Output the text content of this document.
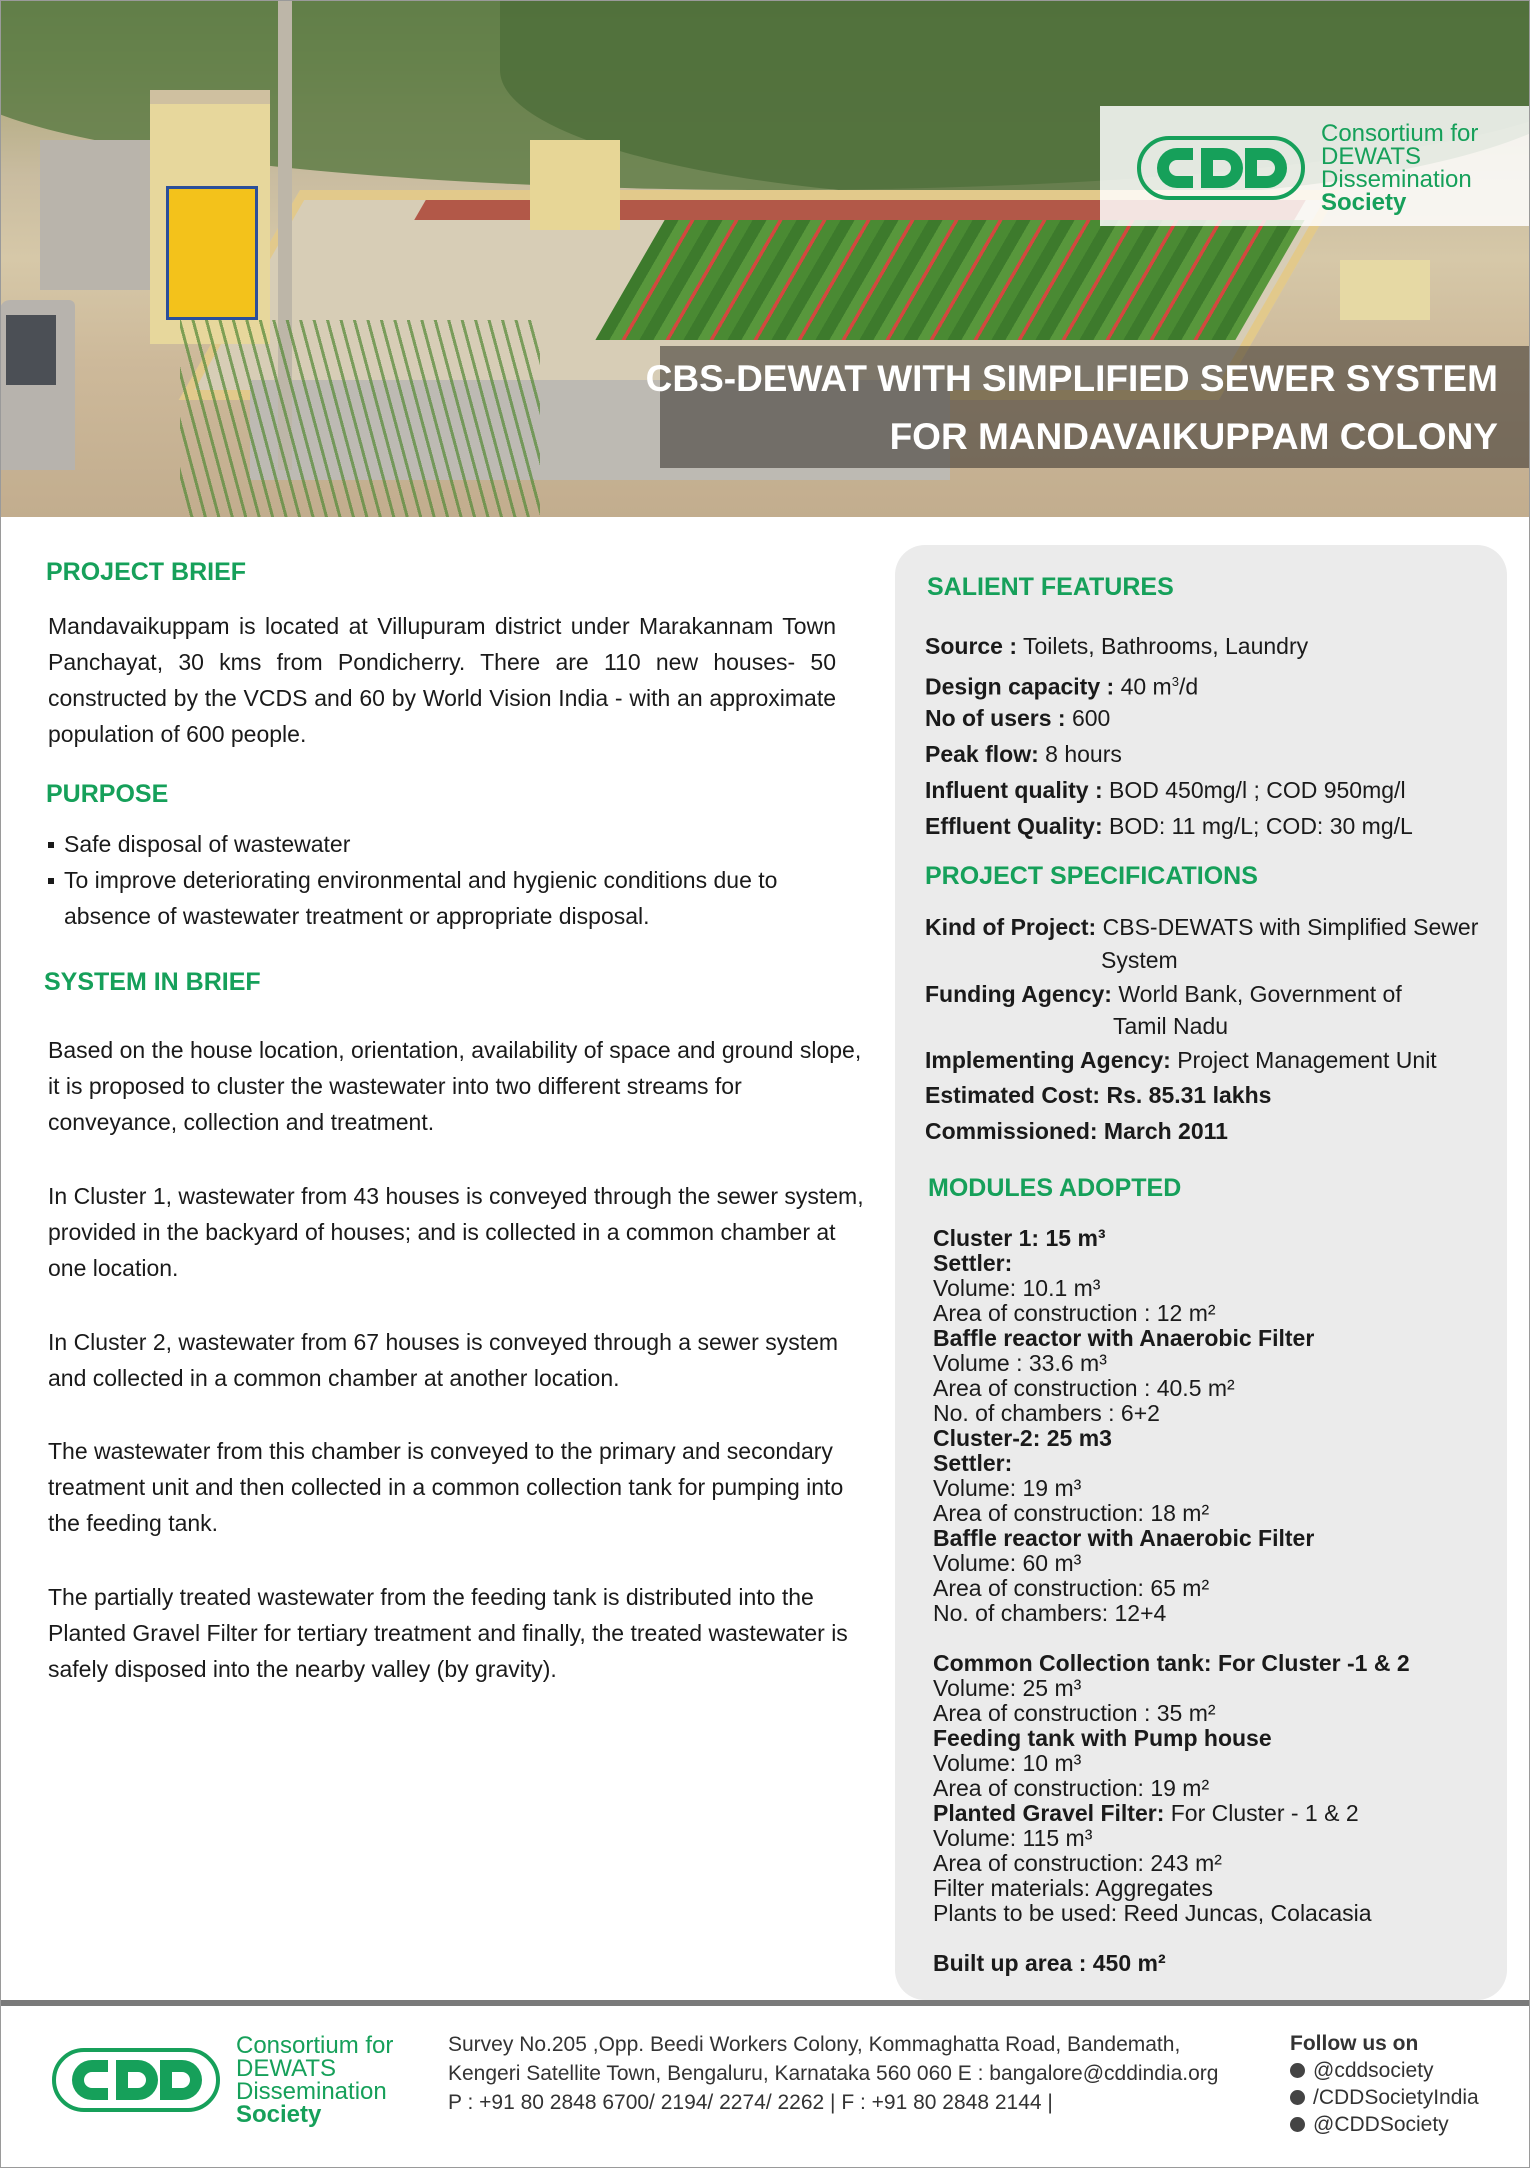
Consortium for
DEWATS
Dissemination
Society
CBS-DEWAT WITH SIMPLIFIED SEWER SYSTEM
FOR MANDAVAIKUPPAM COLONY
PROJECT BRIEF

Mandavaikuppam is located at Villupuram district under Marakannam Town Panchayat, 30 kms from Pondicherry. There are 110 new houses- 50 constructed by the VCDS and 60 by World Vision India - with an approximate population of 600 people.

PURPOSE
Safe disposal of wastewater
To improve deteriorating environmental and hygienic conditions due to absence of wastewater treatment or appropriate disposal.
SYSTEM IN BRIEF

Based on the house location, orientation, availability of space and ground slope, it is proposed to cluster the wastewater into two different streams for conveyance, collection and treatment.

In Cluster 1, wastewater from 43 houses is conveyed through the sewer system, provided in the backyard of houses; and is collected in a common chamber at one location.

In Cluster 2, wastewater from 67 houses is conveyed through a sewer system and collected in a common chamber at another location.

The wastewater from this chamber is conveyed to the primary and secondary treatment unit and then collected in a common collection tank for pumping into the feeding tank.

The partially treated wastewater from the feeding tank is distributed into the Planted Gravel Filter for tertiary treatment and finally, the treated wastewater is safely disposed into the nearby valley (by gravity).

SALIENT FEATURES
Source : Toilets, Bathrooms, Laundry
Design capacity : 40 $m^3/d$
No of users : 600
Peak flow: 8 hours
Influent quality : BOD 450mg/l ; COD 950mg/l
Effluent Quality: BOD: 11 mg/L; COD: 30 mg/L
PROJECT SPECIFICATIONS
Kind of Project: CBS-DEWATS with Simplified Sewer
System
Funding Agency: World Bank, Government of
Tamil Nadu
Implementing Agency: Project Management Unit
Estimated Cost: Rs. 85.31 lakhs
Commissioned: March 2011
MODULES ADOPTED
Cluster 1: 15 m³
Settler:
Volume: 10.1 m³
Area of construction : 12 m²
Baffle reactor with Anaerobic Filter
Volume : 33.6 m³
Area of construction : 40.5 m²
No. of chambers : 6+2
Cluster-2: 25 m3
Settler:
Volume: 19 m³
Area of construction: 18 m²
Baffle reactor with Anaerobic Filter
Volume: 60 m³
Area of construction: 65 m²
No. of chambers: 12+4
Common Collection tank: For Cluster -1 & 2
Volume: 25 m³
Area of construction : 35 m²
Feeding tank with Pump house
Volume: 10 m³
Area of construction: 19 m²
Planted Gravel Filter: For Cluster - 1 & 2
Volume: 115 m³
Area of construction: 243 m²
Filter materials: Aggregates
Plants to be used: Reed Juncas, Colacasia
Built up area : 450 m²
Consortium for
DEWATS
Dissemination
Society
Survey No.205 ,Opp. Beedi Workers Colony, Kommaghatta Road, Bandemath,
Kengeri Satellite Town, Bengaluru, Karnataka 560 060 E : bangalore@cddindia.org
P : +91 80 2848 6700/ 2194/ 2274/ 2262 | F : +91 80 2848 2144 |
Follow us on
@cddsociety
/CDDSocietyIndia
@CDDSociety
